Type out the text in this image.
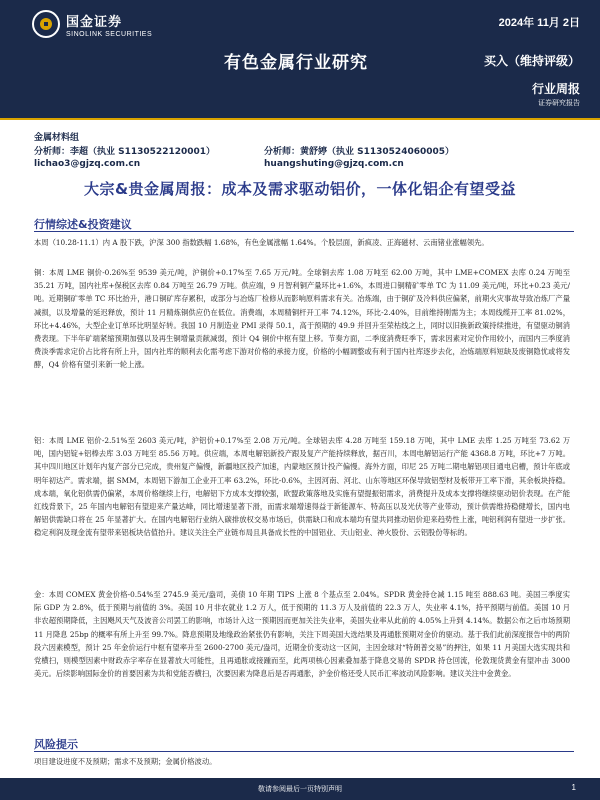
国金证券
SINOLINK SECURITIES
2024年 11月 2日
有色金属行业研究	买入（维持评级）
行业周报
证券研究报告
金属材料组
分析师：李超（执业 S1130522120001）
lichao3@gjzq.com.cn
分析师：黄舒婷（执业 S1130524060005）
huangshuting@gjzq.com.cn
大宗&贵金属周报：成本及需求驱动铝价，一体化铝企有望受益
行情综述&投资建议
本周（10.28-11.1）内 A 股下跌，沪深 300 指数跌幅 1.68%，有色金属涨幅 1.64%。个股层面，新疯凌、正海磁材、云南锗业涨幅领先。
铜：本周 LME 铜价-0.26%至 9539 美元/吨，沪铜价+0.17%至 7.65 万元/吨。全球铜去库 1.08 万吨至 62.00 万吨，其中 LME+COMEX 去库 0.24 万吨至 35.21 万吨，国内社库+保税区去库 0.84 万吨至 26.79 万吨。供应端，9 月智利铜产量环比+1.6%，本周进口铜精矿零单 TC 为 11.09 美元/吨，环比+0.23 美元/吨。近期铜矿零单 TC 环比抬升，港口铜矿库存累积，或部分与冶炼厂检修从而影响原料需求有关。冶炼端，由于铜矿及冷料供应偏紧，前期火灾事故导致冶炼厂产量减损，以及增量的延迟释放，预计 11 月精炼铜供应仍在低位。消费端，本周精铜杆开工率 74.12%，环比-2.40%，目前维持刚需为主；本周线缆开工率 81.02%，环比+4.46%，大型企业订单环比明显好转。我国 10 月制造业 PMI 录得 50.1，高于预期的 49.9 并回升至荣枯线之上，同时以旧换新政策持续推进，有望驱动铜消费表现。下半年矿端紧缩预期加强以及再生铜增量贡献减弱，预计 Q4 铜价中枢有望上移。节奏方面，二季度消费旺季下，需求因素对定价作用较小，而国内三季度消费淡季需求定价占比将有所上升，国内社库的顺利去化需考虑下游对价格的承接力度，价格的小幅调整或有利于国内社库逐步去化，冶炼端原料短缺及废铜隐忧或将发酵，Q4 价格有望引来新一轮上涨。
铝：本周 LME 铝价-2.51%至 2603 美元/吨，沪铝价+0.17%至 2.08 万元/吨。全球铝去库 4.28 万吨至 159.18 万吨，其中 LME 去库 1.25 万吨至 73.62 万吨，国内铝锭+铝棒去库 3.03 万吨至 85.56 万吨。供应端，本周电解铝新投产跟及复产产能持续释放，据百川，本周电解铝运行产能 4368.8 万吨，环比+7 万吨。其中四川地区计划年内复产部分已完成，贵州复产偏慢，新疆地区投产加速，内蒙地区预计投产偏慢。海外方面，印尼 25 万吨二期电解铝项目通电启槽，预计年底或明年初达产。需求端，据 SMM，本周铝下游加工企业开工率 63.2%，环比-0.6%，主因河南、河北、山东等地区环保导致铝型材及板带开工率下滑，其余板块持稳。成本端，氧化铝供需仍偏紧，本周价格继续上行，电解铝下方成本支撑较强，欧盟政策落地及实施有望提振铝需求，消费提升及成本支撑将继续驱动铝价表现。在产能红线背景下，25 年国内电解铝有望迎来产量达峰，同比增速显著下滑，而需求端增速得益于新能源车、特高压以及光伏等产业带动，预计供需维持稳健增长，国内电解铝供需缺口将在 25 年显著扩大。在国内电解铝行业纳入碳排放权交易市场后，供需缺口和成本端均有望共同推动铝价迎来趋势性上涨，吨铝利润有望进一步扩张。稳定利润及现金流有望带来铝板块估值抬升。建议关注全产业链布局且具备成长性的中国铝业、天山铝业、神火股份、云铝股份等标的。
金：本周 COMEX 黄金价格-0.54%至 2745.9 美元/盎司，美债 10 年期 TIPS 上涨 8 个基点至 2.04%。SPDR 黄金持仓减 1.15 吨至 888.63 吨。美国三季度实际 GDP 为 2.8%，低于预期与前值的 3%。美国 10 月非农就业 1.2 万人，低于预期的 11.3 万人及前值的 22.3 万人，失业率 4.1%，持平预期与前值。美国 10 月非农超预期降低，主因飓风天气及波音公司罢工的影响，市场计入这一预期因而更加关注失业率，美国失业率从此前的 4.05%上升到 4.14%。数据公布之后市场预期 11 月降息 25bp 的概率有所上升至 99.7%。降息预期及地缘政治紧张仍有影响，关注下周美国大选结果及再通胀预期对金价的驱动。基于我们此前深度报告中的两阶段六因素模型，预计 25 年金价运行中枢有望率升至 2600-2700 美元/盎司，近期金价变动这一区间，主因金球对“特朗普交易”的押注，如果 11 月美国大选实现共和党横扫，则模型因素中财政赤字率存在显著放大可能性，且再通胀或接踵而至，此两项核心因素叠加基于降息交易的 SPDR 持仓回流，伦敦现货黄金有望冲击 3000 美元。后续影响国际金价的首要因素为共和党能否横扫，次要因素为降息后是否再通胀，沪金价格还受人民币汇率波动风险影响。建议关注中金黄金。
风险提示
项目建设进度不及预期；需求不及预期；金属价格波动。
敬请参阅最后一页特别声明	1
